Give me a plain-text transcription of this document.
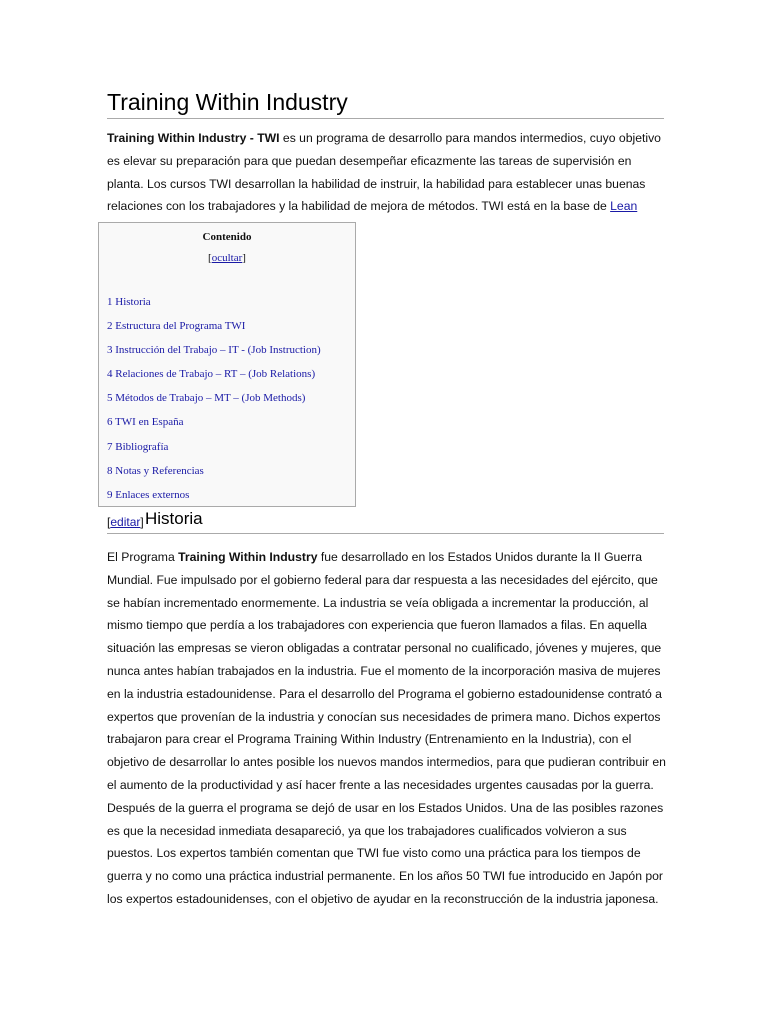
Training Within Industry
Training Within Industry - TWI es un programa de desarrollo para mandos intermedios, cuyo objetivo es elevar su preparación para que puedan desempeñar eficazmente las tareas de supervisión en planta. Los cursos TWI desarrollan la habilidad de instruir, la habilidad para establecer unas buenas relaciones con los trabajadores y la habilidad de mejora de métodos. TWI está en la base de Lean
Contenido
[ocultar]
1 Historia
2 Estructura del Programa TWI
3 Instrucción del Trabajo – IT - (Job Instruction)
4 Relaciones de Trabajo – RT – (Job Relations)
5 Métodos de Trabajo – MT – (Job Methods)
6 TWI en España
7 Bibliografía
8 Notas y Referencias
9 Enlaces externos
[editar] Historia
El Programa Training Within Industry fue desarrollado en los Estados Unidos durante la II Guerra Mundial. Fue impulsado por el gobierno federal para dar respuesta a las necesidades del ejército, que se habían incrementado enormemente. La industria se veía obligada a incrementar la producción, al mismo tiempo que perdía a los trabajadores con experiencia que fueron llamados a filas. En aquella situación las empresas se vieron obligadas a contratar personal no cualificado, jóvenes y mujeres, que nunca antes habían trabajados en la industria. Fue el momento de la incorporación masiva de mujeres en la industria estadounidense. Para el desarrollo del Programa el gobierno estadounidense contrató a expertos que provenían de la industria y conocían sus necesidades de primera mano. Dichos expertos trabajaron para crear el Programa Training Within Industry (Entrenamiento en la Industria), con el objetivo de desarrollar lo antes posible los nuevos mandos intermedios, para que pudieran contribuir en el aumento de la productividad y así hacer frente a las necesidades urgentes causadas por la guerra. Después de la guerra el programa se dejó de usar en los Estados Unidos. Una de las posibles razones es que la necesidad inmediata desapareció, ya que los trabajadores cualificados volvieron a sus puestos. Los expertos también comentan que TWI fue visto como una práctica para los tiempos de guerra y no como una práctica industrial permanente. En los años 50 TWI fue introducido en Japón por los expertos estadounidenses, con el objetivo de ayudar en la reconstrucción de la industria japonesa.
